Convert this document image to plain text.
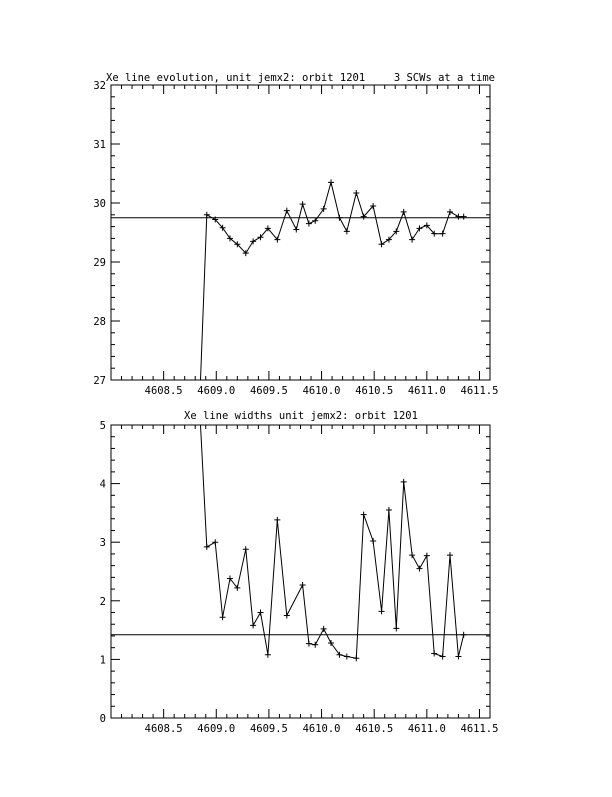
Xe line evolution, unit jemx2: orbit 1201	3 SCWs at a time
4608.5 4609.0 4609.5 4610.0 4610.5 4611.0 4611.5
27
28
29
30
31
32
Xe line widths unit jemx2: orbit 1201
4608.5 4609.0 4609.5 4610.0 4610.5 4611.0 4611.5
0
1
2
3
4
5
